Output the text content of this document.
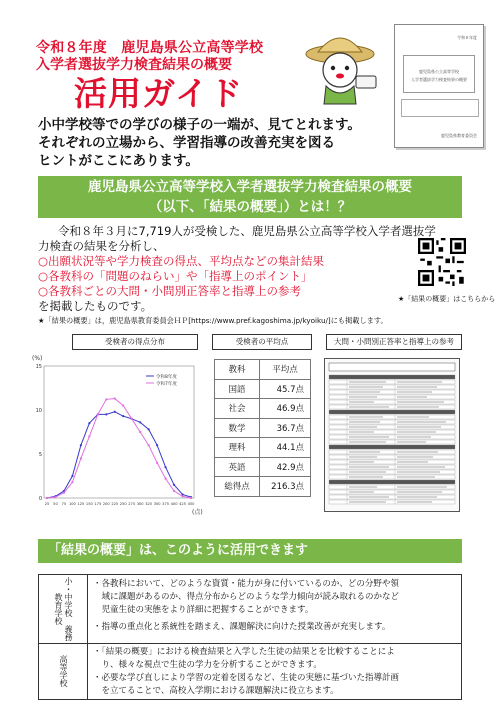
令和８年度　鹿児島県公立高等学校
入学者選抜学力検査結果の概要
活用ガイド
令和８年度
鹿児島県公立高等学校
入学者選抜学力検査結果の概要
鹿児島県教育委員会
小中学校等での学びの様子の一端が、見てとれます。
それぞれの立場から、学習指導の改善充実を図る
ヒントがここにあります。
鹿児島県公立高等学校入学者選抜学力検査結果の概要
（以下、「結果の概要」）とは！？
令和８年３月に7,719人が受検した、鹿児島県公立高等学校入学者選抜学
力検査の結果を分析し、
○出願状況等や学力検査の得点、平均点などの集計結果
○各教科の「問題のねらい」や「指導上のポイント」
○各教科ごとの大問・小問別正答率と指導上の参考
を掲載したものです。	★「結果の概要」はこちらから
★「結果の概要」は，鹿児島県教育委員会ＨＰ[https://www.pref.kagoshima.jp/kyoiku/]にも掲載します。
受検者の得点分布	受検者の平均点	大問・小問別正答率と指導上の参考
0
5
10
15
25 50 75 100 125 150 175 200 225 250 275 300 325 350 375 400 425 450
(%)
(点)
令和8年度
令和7年度
教科	平均点
国語	45.7点
社会	46.9点
数学	36.7点
理科	44.1点
英語	42.9点
総得点	216.3点
「結果の概要」は、このように活用できます
小・中学校　義務教育学校
・各教科において、どのような資質・能力が身に付いているのか、どの分野や領
　域に課題があるのか、得点分布からどのような学力傾向が読み取れるのかなど
　児童生徒の実態をより詳細に把握することができます。
・指導の重点化と系統性を踏まえ、課題解決に向けた授業改善が充実します。
高等学校
・「結果の概要」における検査結果と入学した生徒の結果とを比較することによ
　り、様々な視点で生徒の学力を分析することができます。
・必要な学び直しにより学習の定着を図るなど、生徒の実態に基づいた指導計画
　を立てることで、高校入学期における課題解決に役立ちます。
